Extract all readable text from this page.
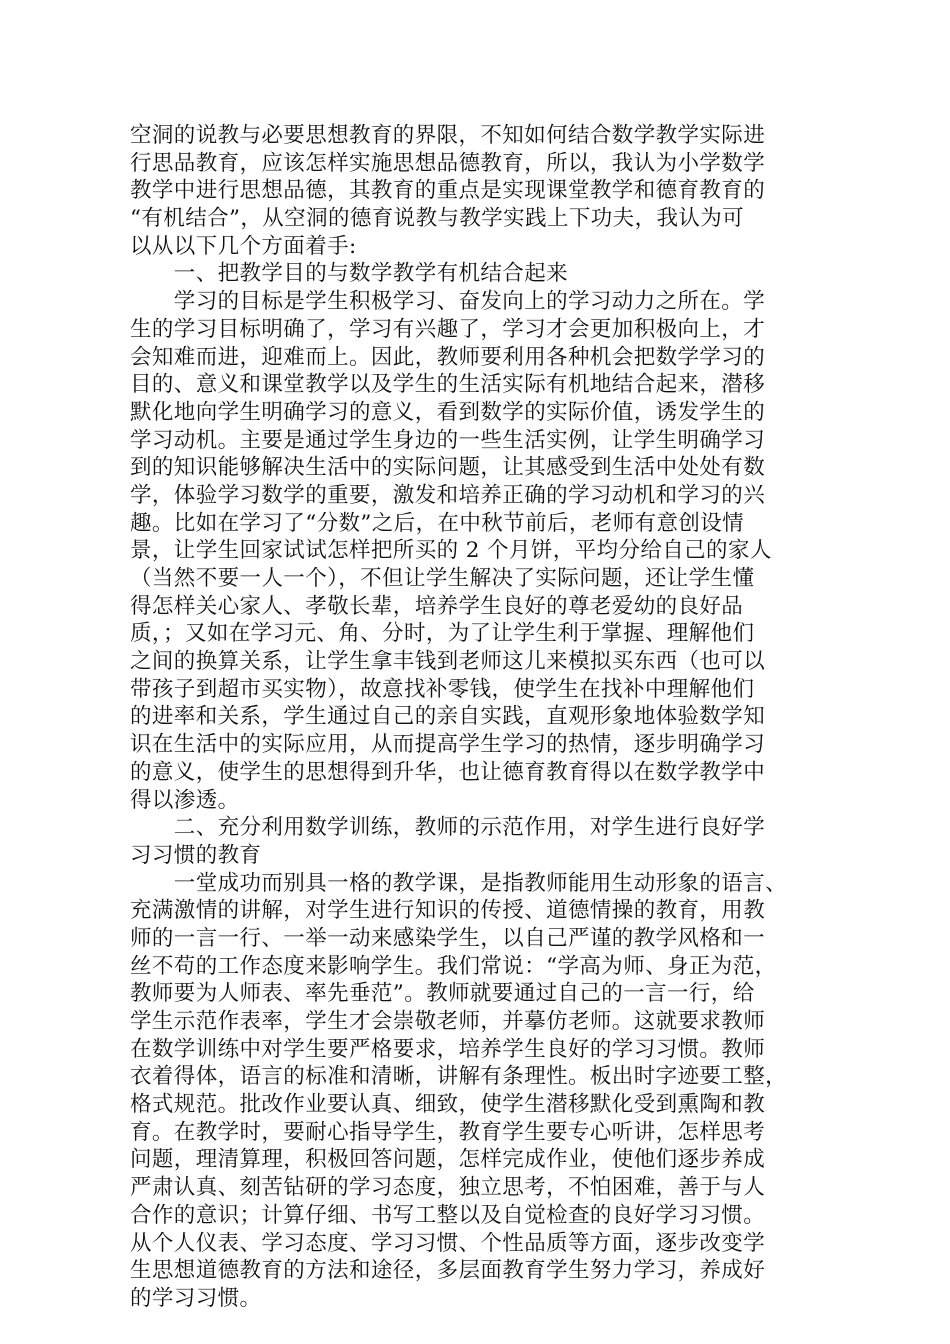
空洞的说教与必要思想教育的界限，不知如何结合数学教学实际进
行思品教育，应该怎样实施思想品德教育，所以，我认为小学数学
教学中进行思想品德，其教育的重点是实现课堂教学和德育教育的
“有机结合”，从空洞的德育说教与教学实践上下功夫，我认为可
以从以下几个方面着手:
　　一、把教学目的与数学教学有机结合起来
　　学习的目标是学生积极学习、奋发向上的学习动力之所在。学
生的学习目标明确了，学习有兴趣了，学习才会更加积极向上，才
会知难而进，迎难而上。因此，教师要利用各种机会把数学学习的
目的、意义和课堂教学以及学生的生活实际有机地结合起来，潜移
默化地向学生明确学习的意义，看到数学的实际价值，诱发学生的
学习动机。主要是通过学生身边的一些生活实例，让学生明确学习
到的知识能够解决生活中的实际问题，让其感受到生活中处处有数
学，体验学习数学的重要，激发和培养正确的学习动机和学习的兴
趣。比如在学习了“分数”之后，在中秋节前后，老师有意创设情
景，让学生回家试试怎样把所买的 2 个月饼，平均分给自己的家人
（当然不要一人一个），不但让学生解决了实际问题，还让学生懂
得怎样关心家人、孝敬长辈，培养学生良好的尊老爱幼的良好品
质，；又如在学习元、角、分时，为了让学生利于掌握、理解他们
之间的换算关系，让学生拿丰钱到老师这儿来模拟买东西（也可以
带孩子到超市买实物），故意找补零钱，使学生在找补中理解他们
的进率和关系，学生通过自己的亲自实践，直观形象地体验数学知
识在生活中的实际应用，从而提高学生学习的热情，逐步明确学习
的意义，使学生的思想得到升华，也让德育教育得以在数学教学中
得以渗透。
　　二、充分利用数学训练，教师的示范作用，对学生进行良好学
习习惯的教育
　　一堂成功而别具一格的教学课，是指教师能用生动形象的语言、
充满激情的讲解，对学生进行知识的传授、道德情操的教育，用教
师的一言一行、一举一动来感染学生，以自己严谨的教学风格和一
丝不苟的工作态度来影响学生。我们常说：“学高为师、身正为范，
教师要为人师表、率先垂范”。教师就要通过自己的一言一行，给
学生示范作表率，学生才会崇敬老师，并摹仿老师。这就要求教师
在数学训练中对学生要严格要求，培养学生良好的学习习惯。教师
衣着得体，语言的标准和清晰，讲解有条理性。板出时字迹要工整，
格式规范。批改作业要认真、细致，使学生潜移默化受到熏陶和教
育。在教学时，要耐心指导学生，教育学生要专心听讲，怎样思考
问题，理清算理，积极回答问题，怎样完成作业，使他们逐步养成
严肃认真、刻苦钻研的学习态度，独立思考，不怕困难，善于与人
合作的意识；计算仔细、书写工整以及自觉检查的良好学习习惯。
从个人仪表、学习态度、学习习惯、个性品质等方面，逐步改变学
生思想道德教育的方法和途径，多层面教育学生努力学习，养成好
的学习习惯。
